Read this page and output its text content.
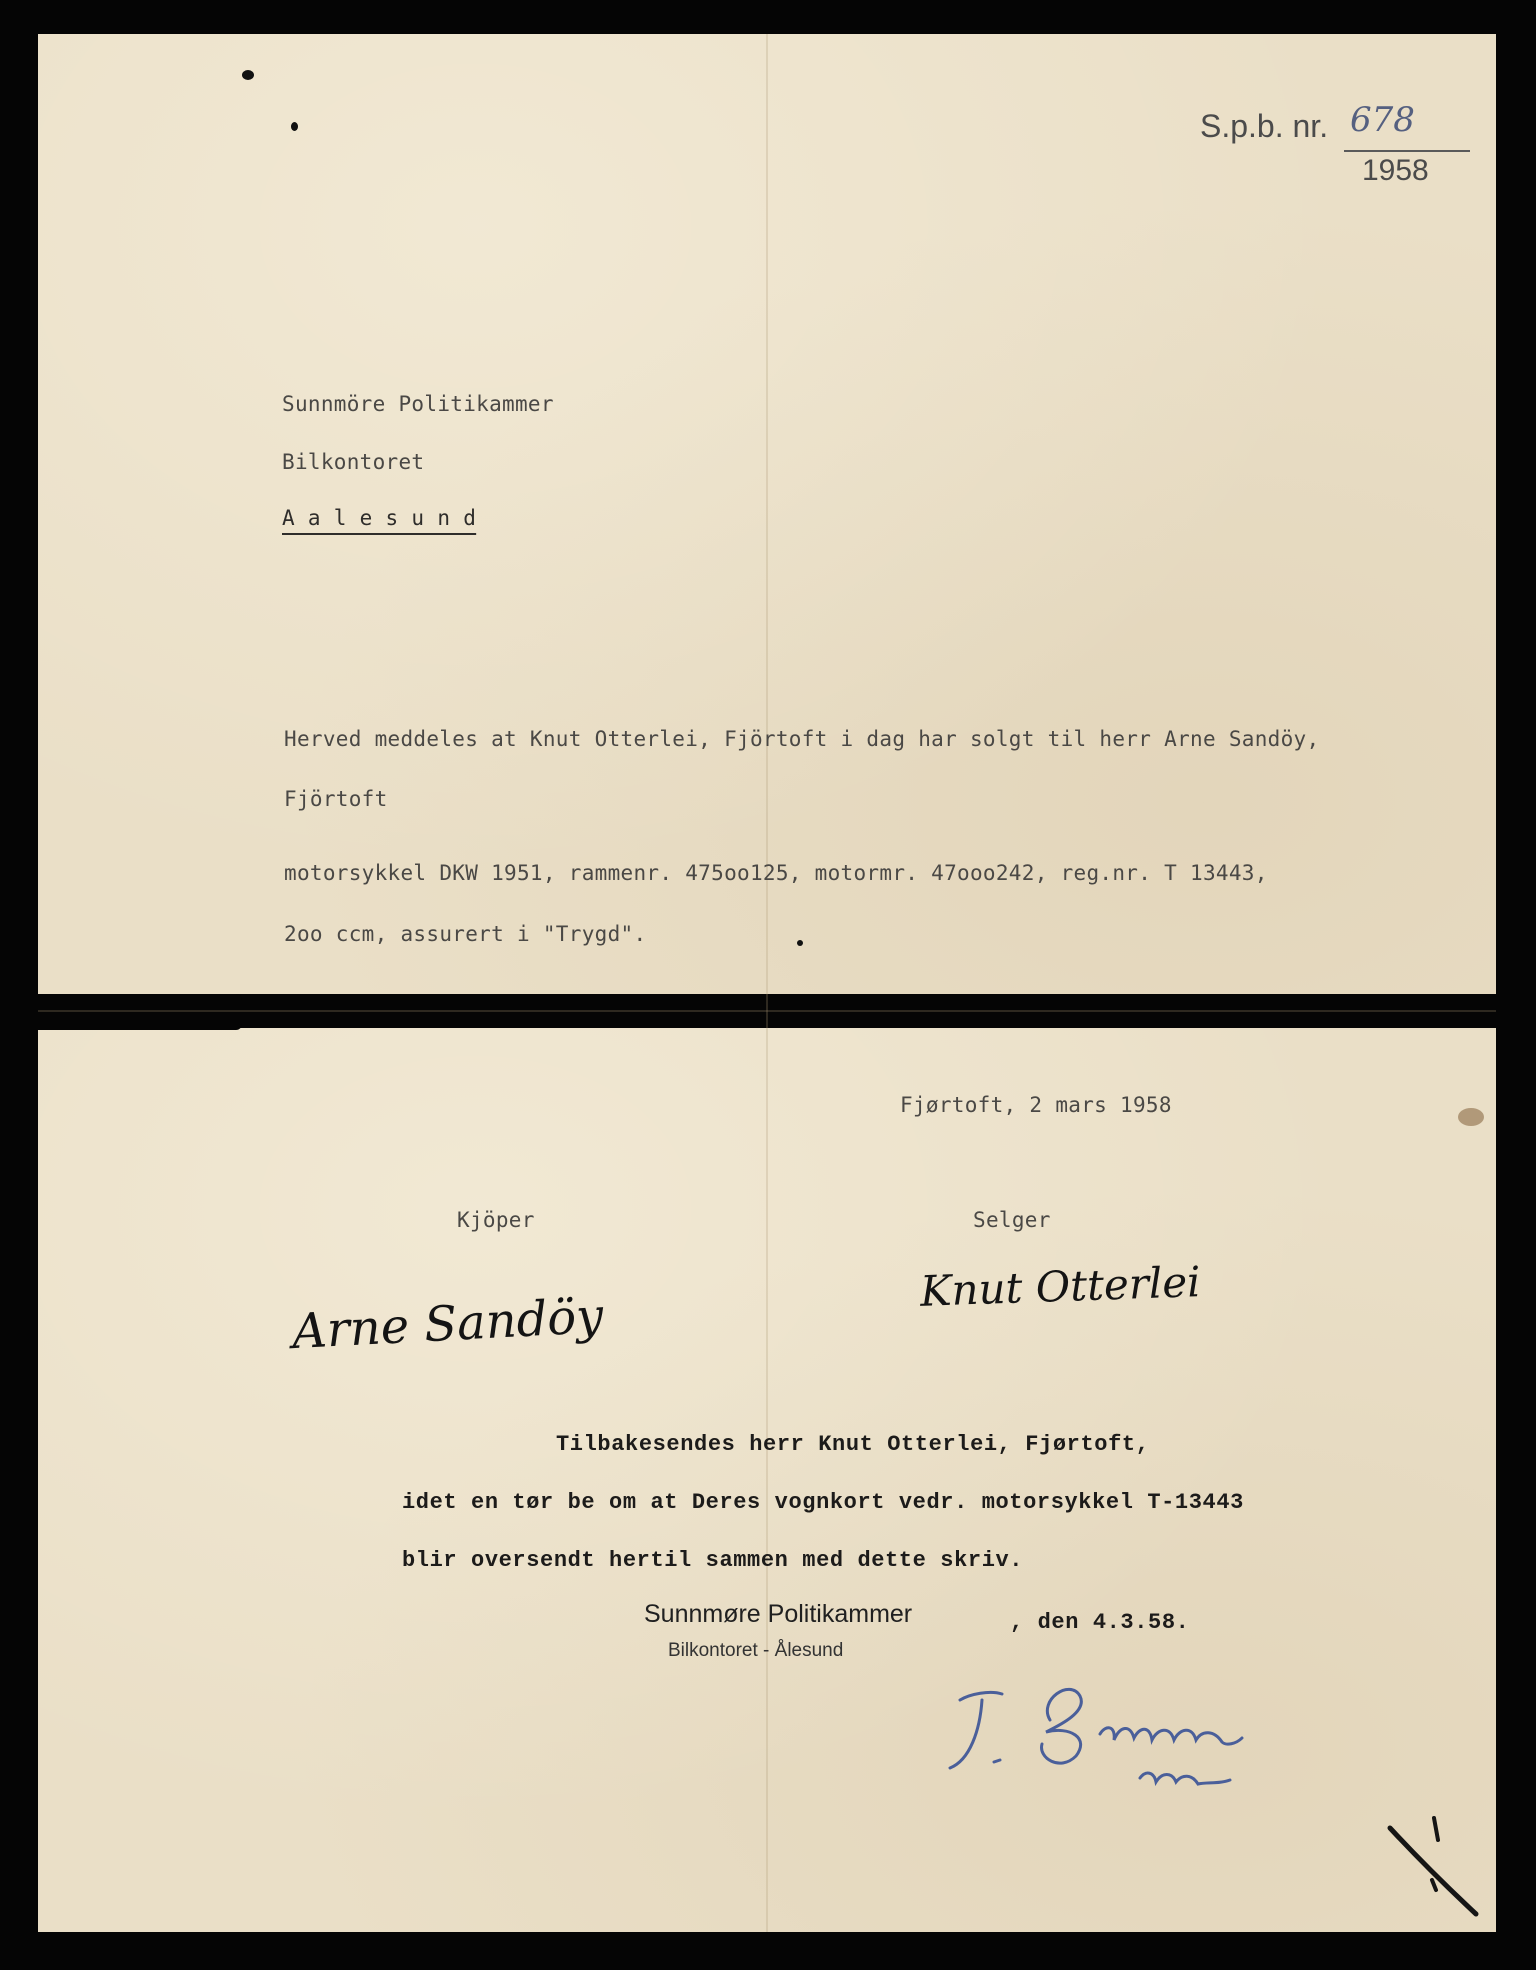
S.p.b. nr. 678
1958
Sunnmöre Politikammer
Bilkontoret
A a l e s u n d
Herved meddeles at Knut Otterlei, Fjörtoft i dag har solgt til herr Arne Sandöy,
Fjörtoft
motorsykkel DKW 1951, rammenr. 475oo125, motormr. 47ooo242, reg.nr. T 13443,
2oo ccm, assurert i "Trygd".
Fjørtoft, 2 mars 1958
Kjöper	Selger
Arne Sandöy
Knut Otterlei
Tilbakesendes herr Knut Otterlei, Fjørtoft,
idet en tør be om at Deres vognkort vedr. motorsykkel T-13443
blir oversendt hertil sammen med dette skriv.
Sunnmøre Politikammer
Bilkontoret - Ålesund
, den 4.3.58.
